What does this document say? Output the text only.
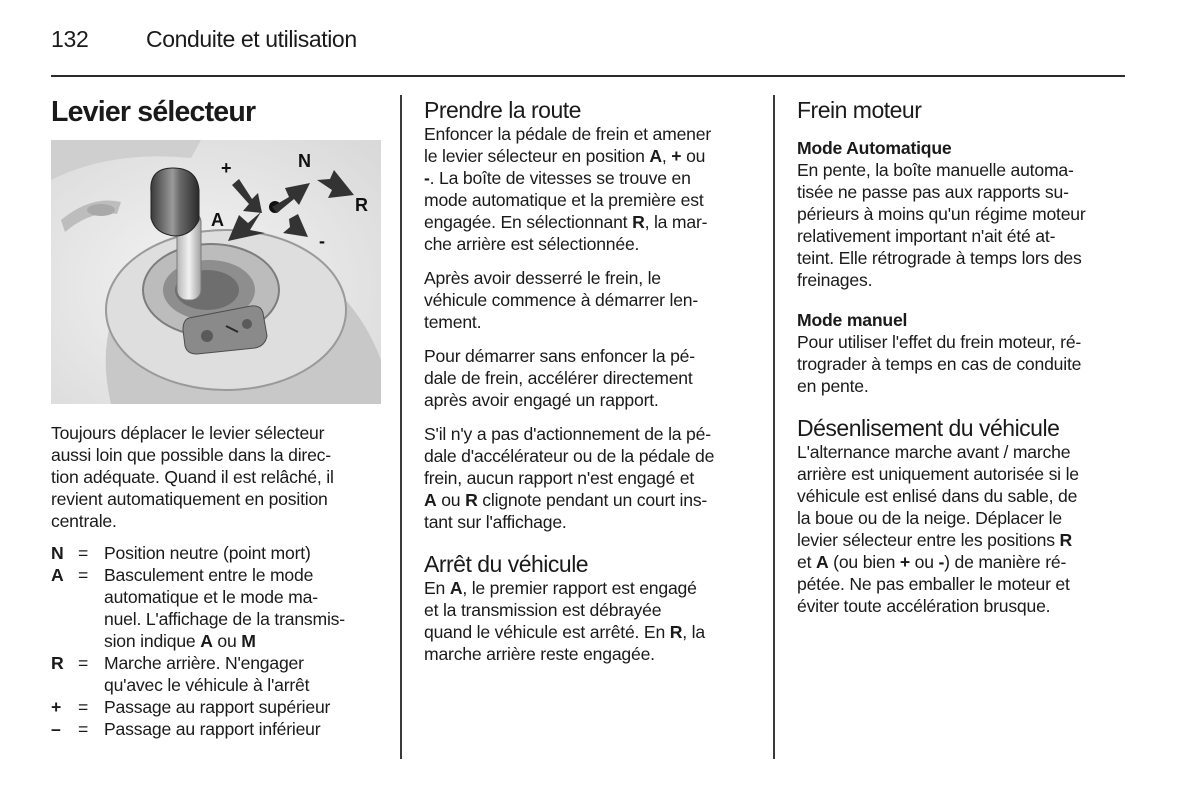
132	Conduite et utilisation
Levier sélecteur
+	N
A
R
-

Toujours déplacer le levier sélecteur
aussi loin que possible dans la direc-
tion adéquate. Quand il est relâché, il
revient automatiquement en position
centrale.

N = Position neutre (point mort)
A = Basculement entre le mode
automatique et le mode ma-
nuel. L'affichage de la transmis-
sion indique A ou M
R = Marche arrière. N'engager
qu'avec le véhicule à l'arrêt
+ = Passage au rapport supérieur
– = Passage au rapport inférieur
Prendre la route

Enfoncer la pédale de frein et amener
le levier sélecteur en position A, + ou
-. La boîte de vitesses se trouve en
mode automatique et la première est
engagée. En sélectionnant R, la mar-
che arrière est sélectionnée.

Après avoir desserré le frein, le
véhicule commence à démarrer len-
tement.

Pour démarrer sans enfoncer la pé-
dale de frein, accélérer directement
après avoir engagé un rapport.

S'il n'y a pas d'actionnement de la pé-
dale d'accélérateur ou de la pédale de
frein, aucun rapport n'est engagé et
A ou R clignote pendant un court ins-
tant sur l'affichage.

Arrêt du véhicule

En A, le premier rapport est engagé
et la transmission est débrayée
quand le véhicule est arrêté. En R, la
marche arrière reste engagée.

Frein moteur
Mode Automatique

En pente, la boîte manuelle automa-
tisée ne passe pas aux rapports su-
périeurs à moins qu'un régime moteur
relativement important n'ait été at-
teint. Elle rétrograde à temps lors des
freinages.

Mode manuel

Pour utiliser l'effet du frein moteur, ré-
trograder à temps en cas de conduite
en pente.

Désenlisement du véhicule

L'alternance marche avant / marche
arrière est uniquement autorisée si le
véhicule est enlisé dans du sable, de
la boue ou de la neige. Déplacer le
levier sélecteur entre les positions R
et A (ou bien + ou -) de manière ré-
pétée. Ne pas emballer le moteur et
éviter toute accélération brusque.
